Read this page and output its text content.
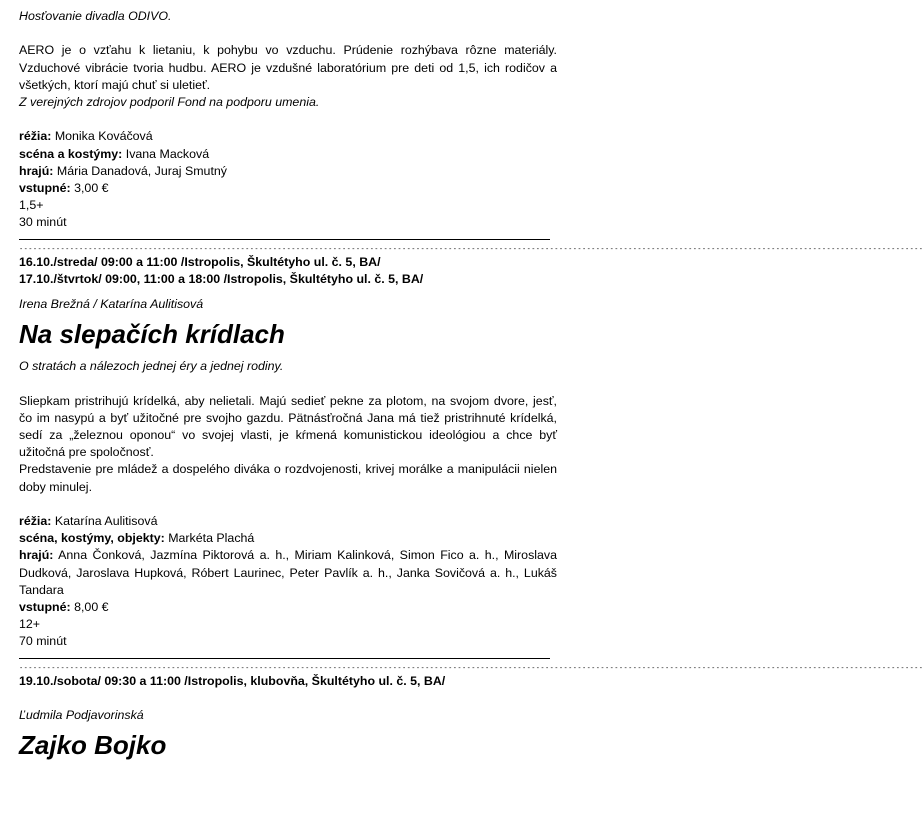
Hosťovanie divadla ODIVO.

AERO je o vzťahu k lietaniu, k pohybu vo vzduchu. Prúdenie rozhýbava rôzne materiály. Vzduchové vibrácie tvoria hudbu. AERO je vzdušné laboratórium pre deti od 1,5, ich rodičov a všetkých, ktorí majú chuť si uletieť.

Z verejných zdrojov podporil Fond na podporu umenia.

réžia: Monika Kováčová

scéna a kostýmy: Ivana Macková

hrajú: Mária Danadová, Juraj Smutný

vstupné: 3,00 €

1,5+

30 minút

----------------------------------------------------------------------------------------------------------------------------------------------------------------------------------------------------

16.10./streda/ 09:00 a 11:00 /Istropolis, Škultétyho ul. č. 5, BA/

17.10./štvrtok/ 09:00, 11:00 a 18:00 /Istropolis, Škultétyho ul. č. 5, BA/

Irena Brežná / Katarína Aulitisová

Na slepačích krídlach

O stratách a nálezoch jednej éry a jednej rodiny.

Sliepkam pristrihujú krídelká, aby nelietali. Majú sedieť pekne za plotom, na svojom dvore, jesť, čo im nasypú a byť užitočné pre svojho gazdu. Pätnásťročná Jana má tiež pristrihnuté krídelká, sedí za „železnou oponou“ vo svojej vlasti, je kŕmená komunistickou ideológiou a chce byť užitočná pre spoločnosť.

Predstavenie pre mládež a dospelého diváka o rozdvojenosti, krivej morálke a manipulácii nielen doby minulej.

réžia: Katarína Aulitisová

scéna, kostýmy, objekty: Markéta Plachá

hrajú: Anna Čonková, Jazmína Piktorová a. h., Miriam Kalinková, Simon Fico a. h., Miroslava Dudková, Jaroslava Hupková, Róbert Laurinec, Peter Pavlík a. h., Janka Sovičová a. h., Lukáš Tandara

vstupné: 8,00 €

12+

70 minút

----------------------------------------------------------------------------------------------------------------------------------------------------------------------------------------------------

19.10./sobota/ 09:30 a 11:00 /Istropolis, klubovňa, Škultétyho ul. č. 5, BA/

Ľudmila Podjavorinská

Zajko Bojko
